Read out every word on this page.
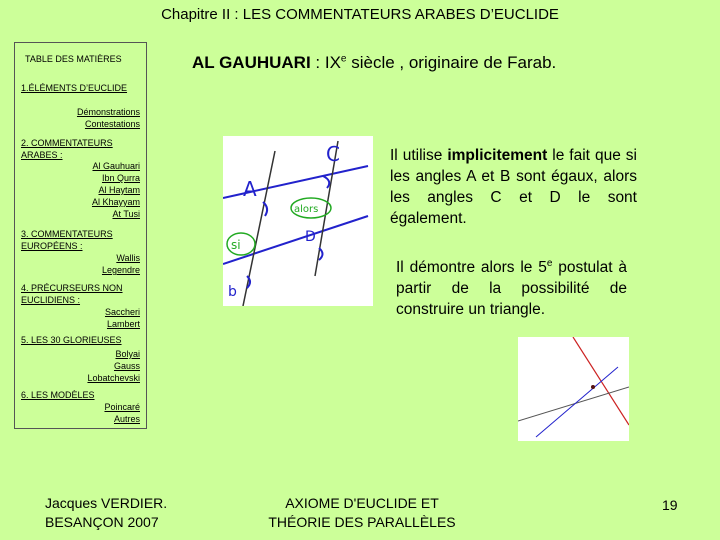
Chapitre II : LES COMMENTATEURS ARABES D’EUCLIDE
TABLE DES MATIÈRES
1.ÉLÉMENTS D’EUCLIDE
Démonstrations
Contestations
2. COMMENTATEURS ARABES :
Al Gauhuari
Ibn Qurra
Al Haytam
Al Khayyam
At Tusi
3. COMMENTATEURS EUROPÉENS :
Wallis
Legendre
4. PRÉCURSEURS NON EUCLIDIENS :
Saccheri
Lambert
5. LES 30 GLORIEUSES
Bolyai
Gauss
Lobatchevski
6. LES MODÈLES
Poincaré
Autres
AL GAUHUARI : IXe siècle , originaire de Farab.
A
C
D
b
si
alors
Il utilise implicitement le fait que si les angles A et B sont égaux, alors les angles C et D le sont également.
Il démontre alors le 5e postulat à partir de la possibilité de construire un triangle.
Jacques VERDIER.
BESANÇON 2007
AXIOME D'EUCLIDE ET
THÉORIE DES PARALLÈLES
19
